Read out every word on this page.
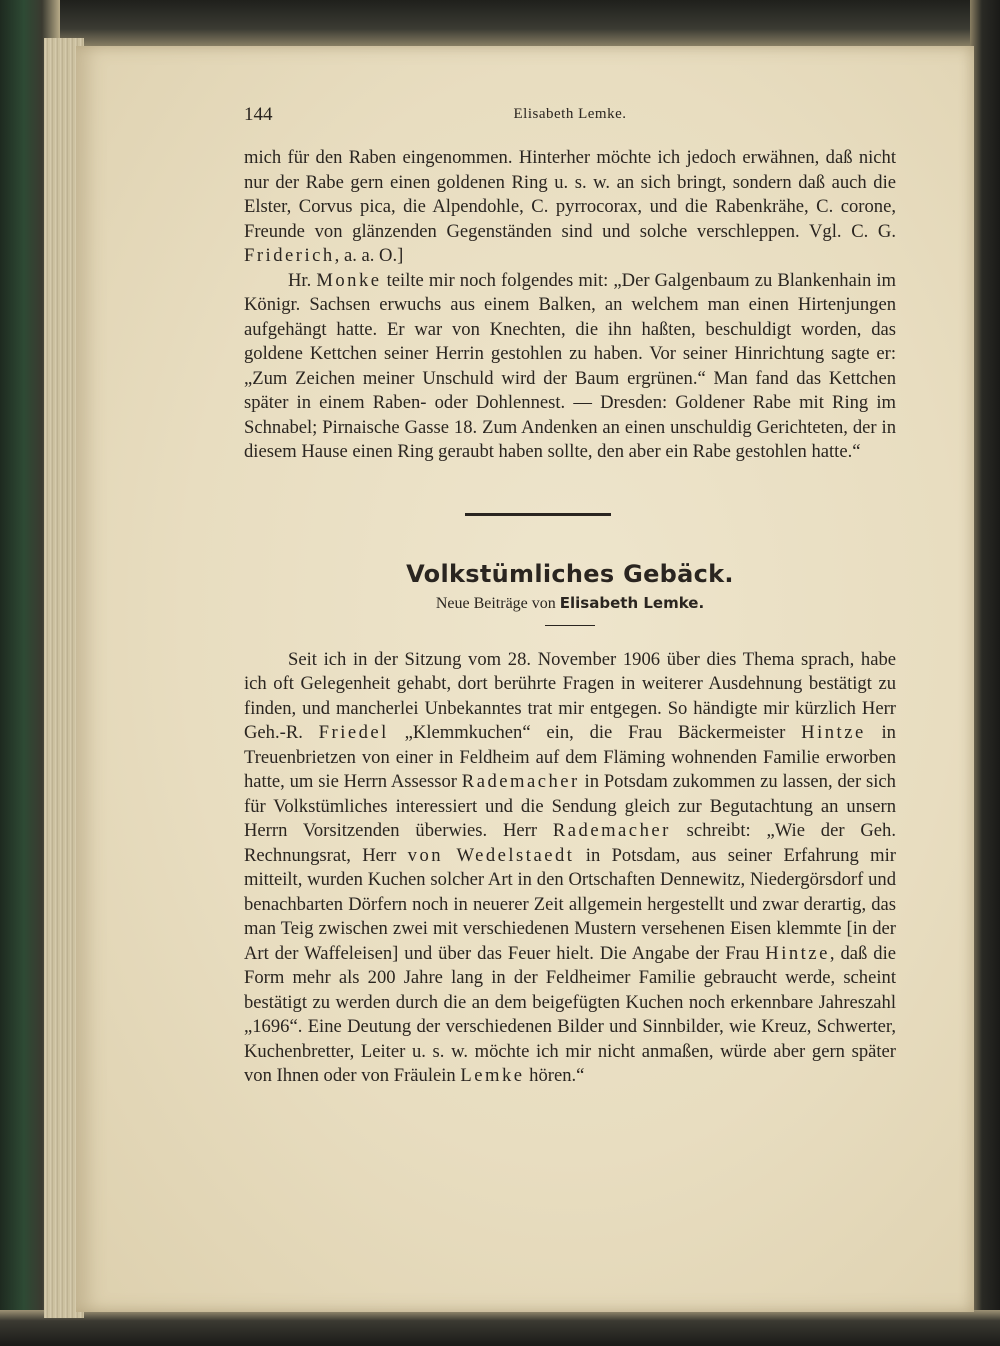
144	Elisabeth Lemke.

mich für den Raben eingenommen. Hinterher möchte ich jedoch erwähnen, daß nicht nur der Rabe gern einen goldenen Ring u. s. w. an sich bringt, sondern daß auch die Elster, Corvus pica, die Alpendohle, C. pyrrocorax, und die Rabenkrähe, C. corone, Freunde von glänzenden Gegenständen sind und solche verschleppen. Vgl. C. G. Friderich, a. a. O.]

Hr. Monke teilte mir noch folgendes mit: „Der Galgenbaum zu Blankenhain im Königr. Sachsen erwuchs aus einem Balken, an welchem man einen Hirtenjungen aufgehängt hatte. Er war von Knechten, die ihn haßten, beschuldigt worden, das goldene Kettchen seiner Herrin gestohlen zu haben. Vor seiner Hinrichtung sagte er: „Zum Zeichen meiner Unschuld wird der Baum ergrünen.“ Man fand das Kettchen später in einem Raben- oder Dohlennest. — Dresden: Goldener Rabe mit Ring im Schnabel; Pirnaische Gasse 18. Zum Andenken an einen unschuldig Gerichteten, der in diesem Hause einen Ring geraubt haben sollte, den aber ein Rabe gestohlen hatte.“

Volkstümliches Gebäck.

Neue Beiträge von Elisabeth Lemke.

Seit ich in der Sitzung vom 28. November 1906 über dies Thema sprach, habe ich oft Gelegenheit gehabt, dort berührte Fragen in weiterer Ausdehnung bestätigt zu finden, und mancherlei Unbekanntes trat mir entgegen. So händigte mir kürzlich Herr Geh.-R. Friedel „Klemmkuchen“ ein, die Frau Bäckermeister Hintze in Treuenbrietzen von einer in Feldheim auf dem Fläming wohnenden Familie erworben hatte, um sie Herrn Assessor Rademacher in Potsdam zukommen zu lassen, der sich für Volkstümliches interessiert und die Sendung gleich zur Begutachtung an unsern Herrn Vorsitzenden überwies. Herr Rademacher schreibt: „Wie der Geh. Rechnungsrat, Herr von Wedelstaedt in Potsdam, aus seiner Erfahrung mir mitteilt, wurden Kuchen solcher Art in den Ortschaften Dennewitz, Niedergörsdorf und benachbarten Dörfern noch in neuerer Zeit allgemein hergestellt und zwar derartig, das man Teig zwischen zwei mit verschiedenen Mustern versehenen Eisen klemmte [in der Art der Waffeleisen] und über das Feuer hielt. Die Angabe der Frau Hintze, daß die Form mehr als 200 Jahre lang in der Feldheimer Familie gebraucht werde, scheint bestätigt zu werden durch die an dem beigefügten Kuchen noch erkennbare Jahreszahl „1696“. Eine Deutung der verschiedenen Bilder und Sinnbilder, wie Kreuz, Schwerter, Kuchenbretter, Leiter u. s. w. möchte ich mir nicht anmaßen, würde aber gern später von Ihnen oder von Fräulein Lemke hören.“
